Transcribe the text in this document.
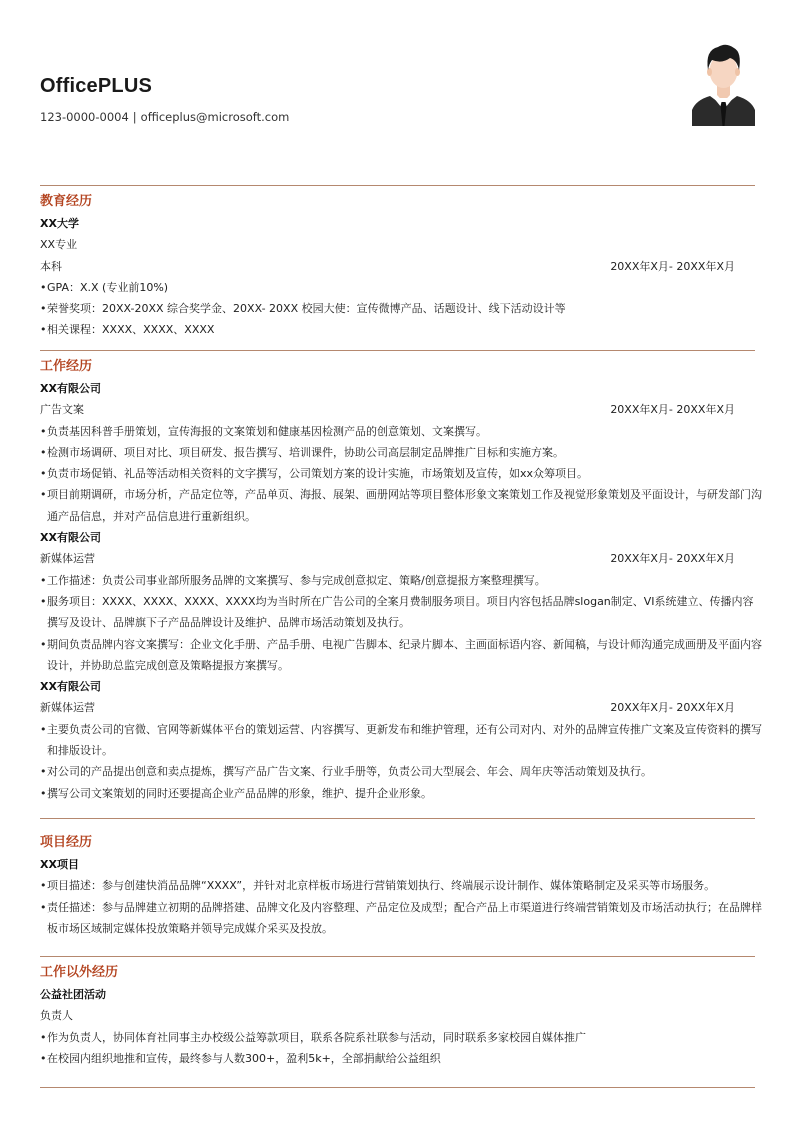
OfficePLUS
123-0000-0004 | officeplus@microsoft.com
教育经历
XX大学
XX专业
本科	20XX年X月- 20XX年X月
• GPA：X.X (专业前10%)
• 荣誉奖项：20XX-20XX 综合奖学金、20XX- 20XX 校园大使：宣传微博产品、话题设计、线下活动设计等
• 相关课程：XXXX、XXXX、XXXX
工作经历
XX有限公司
广告文案	20XX年X月- 20XX年X月
• 负责基因科普手册策划，宣传海报的文案策划和健康基因检测产品的创意策划、文案撰写。
• 检测市场调研、项目对比、项目研发、报告撰写、培训课件，协助公司高层制定品牌推广目标和实施方案。
• 负责市场促销、礼品等活动相关资料的文字撰写，公司策划方案的设计实施，市场策划及宣传，如xx众筹项目。
• 项目前期调研，市场分析，产品定位等，产品单页、海报、展架、画册网站等项目整体形象文案策划工作及视觉形象策划及平面设计，与研发部门沟通产品信息，并对产品信息进行重新组织。
XX有限公司
新媒体运营	20XX年X月- 20XX年X月
• 工作描述：负责公司事业部所服务品牌的文案撰写、参与完成创意拟定、策略/创意提报方案整理撰写。
• 服务项目：XXXX、XXXX、XXXX、XXXX均为当时所在广告公司的全案月费制服务项目。项目内容包括品牌slogan制定、VI系统建立、传播内容撰写及设计、品牌旗下子产品品牌设计及维护、品牌市场活动策划及执行。
• 期间负责品牌内容文案撰写：企业文化手册、产品手册、电视广告脚本、纪录片脚本、主画面标语内容、新闻稿，与设计师沟通完成画册及平面内容设计，并协助总监完成创意及策略提报方案撰写。
XX有限公司
新媒体运营	20XX年X月- 20XX年X月
• 主要负责公司的官微、官网等新媒体平台的策划运营、内容撰写、更新发布和维护管理，还有公司对内、对外的品牌宣传推广文案及宣传资料的撰写和排版设计。
• 对公司的产品提出创意和卖点提炼，撰写产品广告文案、行业手册等，负责公司大型展会、年会、周年庆等活动策划及执行。
• 撰写公司文案策划的同时还要提高企业产品品牌的形象，维护、提升企业形象。
项目经历
XX项目
• 项目描述：参与创建快消品品牌“XXXX”，并针对北京样板市场进行营销策划执行、终端展示设计制作、媒体策略制定及采买等市场服务。
• 责任描述：参与品牌建立初期的品牌搭建、品牌文化及内容整理、产品定位及成型；配合产品上市渠道进行终端营销策划及市场活动执行；在品牌样板市场区域制定媒体投放策略并领导完成媒介采买及投放。
工作以外经历
公益社团活动
负责人
• 作为负责人，协同体育社同事主办校级公益筹款项目，联系各院系社联参与活动，同时联系多家校园自媒体推广
• 在校园内组织地推和宣传，最终参与人数300+，盈利5k+，全部捐献给公益组织
